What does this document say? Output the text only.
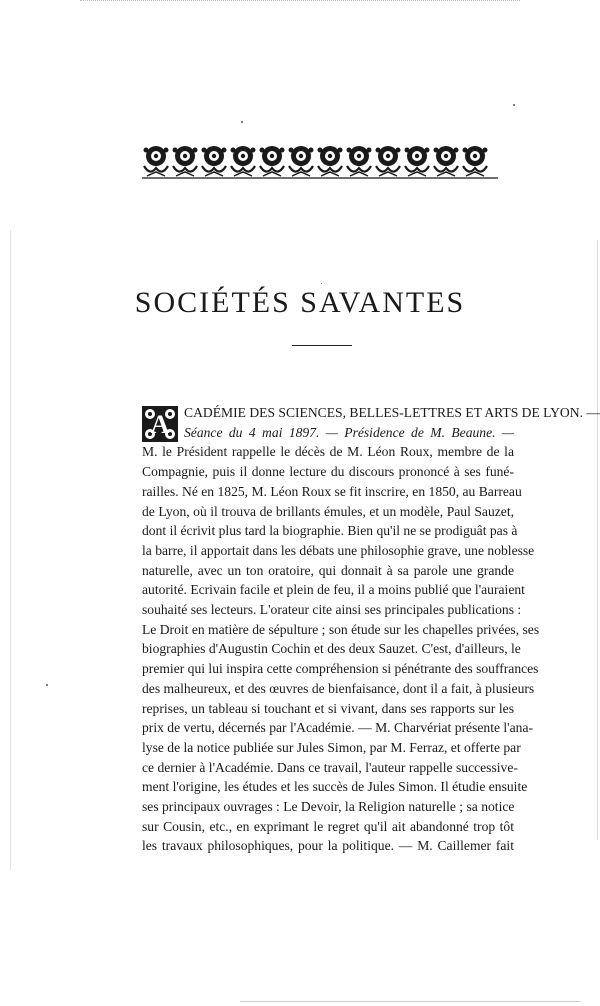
SOCIÉTÉS SAVANTES
A	CADÉMIE DES SCIENCES, BELLES-LETTRES ET ARTS DE LYON. —
Séance du 4 mai 1897. — Présidence de M. Beaune. —
M. le Président rappelle le décès de M. Léon Roux, membre de la
Compagnie, puis il donne lecture du discours prononcé à ses funé-
railles. Né en 1825, M. Léon Roux se fit inscrire, en 1850, au Barreau
de Lyon, où il trouva de brillants émules, et un modèle, Paul Sauzet,
dont il écrivit plus tard la biographie. Bien qu'il ne se prodiguât pas à
la barre, il apportait dans les débats une philosophie grave, une noblesse
naturelle, avec un ton oratoire, qui donnait à sa parole une grande
autorité. Ecrivain facile et plein de feu, il a moins publié que l'auraient
souhaité ses lecteurs. L'orateur cite ainsi ses principales publications :
Le Droit en matière de sépulture ; son étude sur les chapelles privées, ses
biographies d'Augustin Cochin et des deux Sauzet. C'est, d'ailleurs, le
premier qui lui inspira cette compréhension si pénétrante des souffrances
des malheureux, et des œuvres de bienfaisance, dont il a fait, à plusieurs
reprises, un tableau si touchant et si vivant, dans ses rapports sur les
prix de vertu, décernés par l'Académie. — M. Charvériat présente l'ana-
lyse de la notice publiée sur Jules Simon, par M. Ferraz, et offerte par
ce dernier à l'Académie. Dans ce travail, l'auteur rappelle successive-
ment l'origine, les études et les succès de Jules Simon. Il étudie ensuite
ses principaux ouvrages : Le Devoir, la Religion naturelle ; sa notice
sur Cousin, etc., en exprimant le regret qu'il ait abandonné trop tôt
les travaux philosophiques, pour la politique. — M. Caillemer fait
